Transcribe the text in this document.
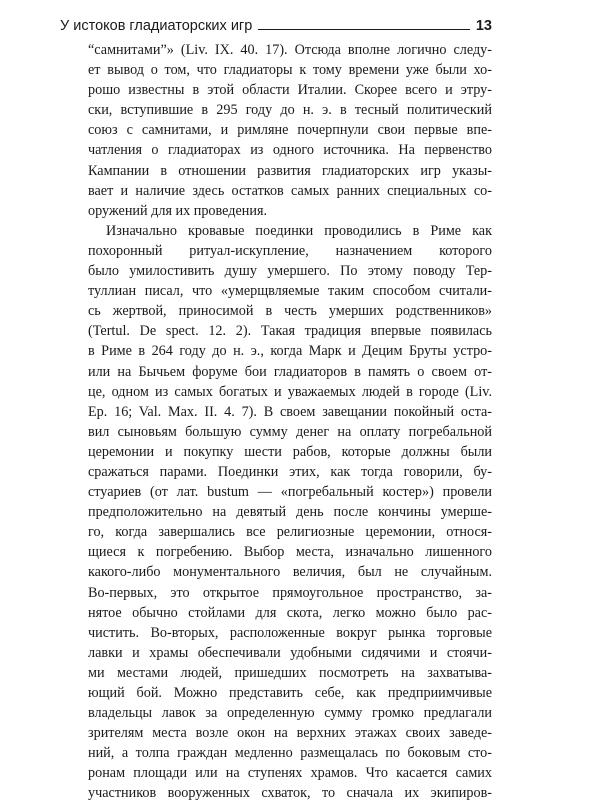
У истоков гладиаторских игр	13
“самнитами”» (Liv. IX. 40. 17). Отсюда вполне логично следу-
ет вывод о том, что гладиаторы к тому времени уже были хо-
рошо известны в этой области Италии. Скорее всего и этру-
ски, вступившие в 295 году до н. э. в тесный политический
союз с самнитами, и римляне почерпнули свои первые впе-
чатления о гладиаторах из одного источника. На первенство
Кампании в отношении развития гладиаторских игр указы-
вает и наличие здесь остатков самых ранних специальных со-
оружений для их проведения.
Изначально кровавые поединки проводились в Риме как
похоронный ритуал-искупление, назначением которого
было умилостивить душу умершего. По этому поводу Тер-
туллиан писал, что «умерщвляемые таким способом считали-
сь жертвой, приносимой в честь умерших родственников»
(Tertul. De spect. 12. 2). Такая традиция впервые появилась
в Риме в 264 году до н. э., когда Марк и Децим Бруты устро-
или на Бычьем форуме бои гладиаторов в память о своем от-
це, одном из самых богатых и уважаемых людей в городе (Liv.
Ep. 16; Val. Max. II. 4. 7). В своем завещании покойный оста-
вил сыновьям большую сумму денег на оплату погребальной
церемонии и покупку шести рабов, которые должны были
сражаться парами. Поединки этих, как тогда говорили, бу-
стуариев (от лат. bustum — «погребальный костер») провели
предположительно на девятый день после кончины умерше-
го, когда завершались все религиозные церемонии, относя-
щиеся к погребению. Выбор места, изначально лишенного
какого-либо монументального величия, был не случайным.
Во-первых, это открытое прямоугольное пространство, за-
нятое обычно стойлами для скота, легко можно было рас-
чистить. Во-вторых, расположенные вокруг рынка торговые
лавки и храмы обеспечивали удобными сидячими и стоячи-
ми местами людей, пришедших посмотреть на захватыва-
ющий бой. Можно представить себе, как предприимчивые
владельцы лавок за определенную сумму громко предлагали
зрителям места возле окон на верхних этажах своих заведе-
ний, а толпа граждан медленно размещалась по боковым сто-
ронам площади или на ступенях храмов. Что касается самих
участников вооруженных схваток, то сначала их экипиров-
